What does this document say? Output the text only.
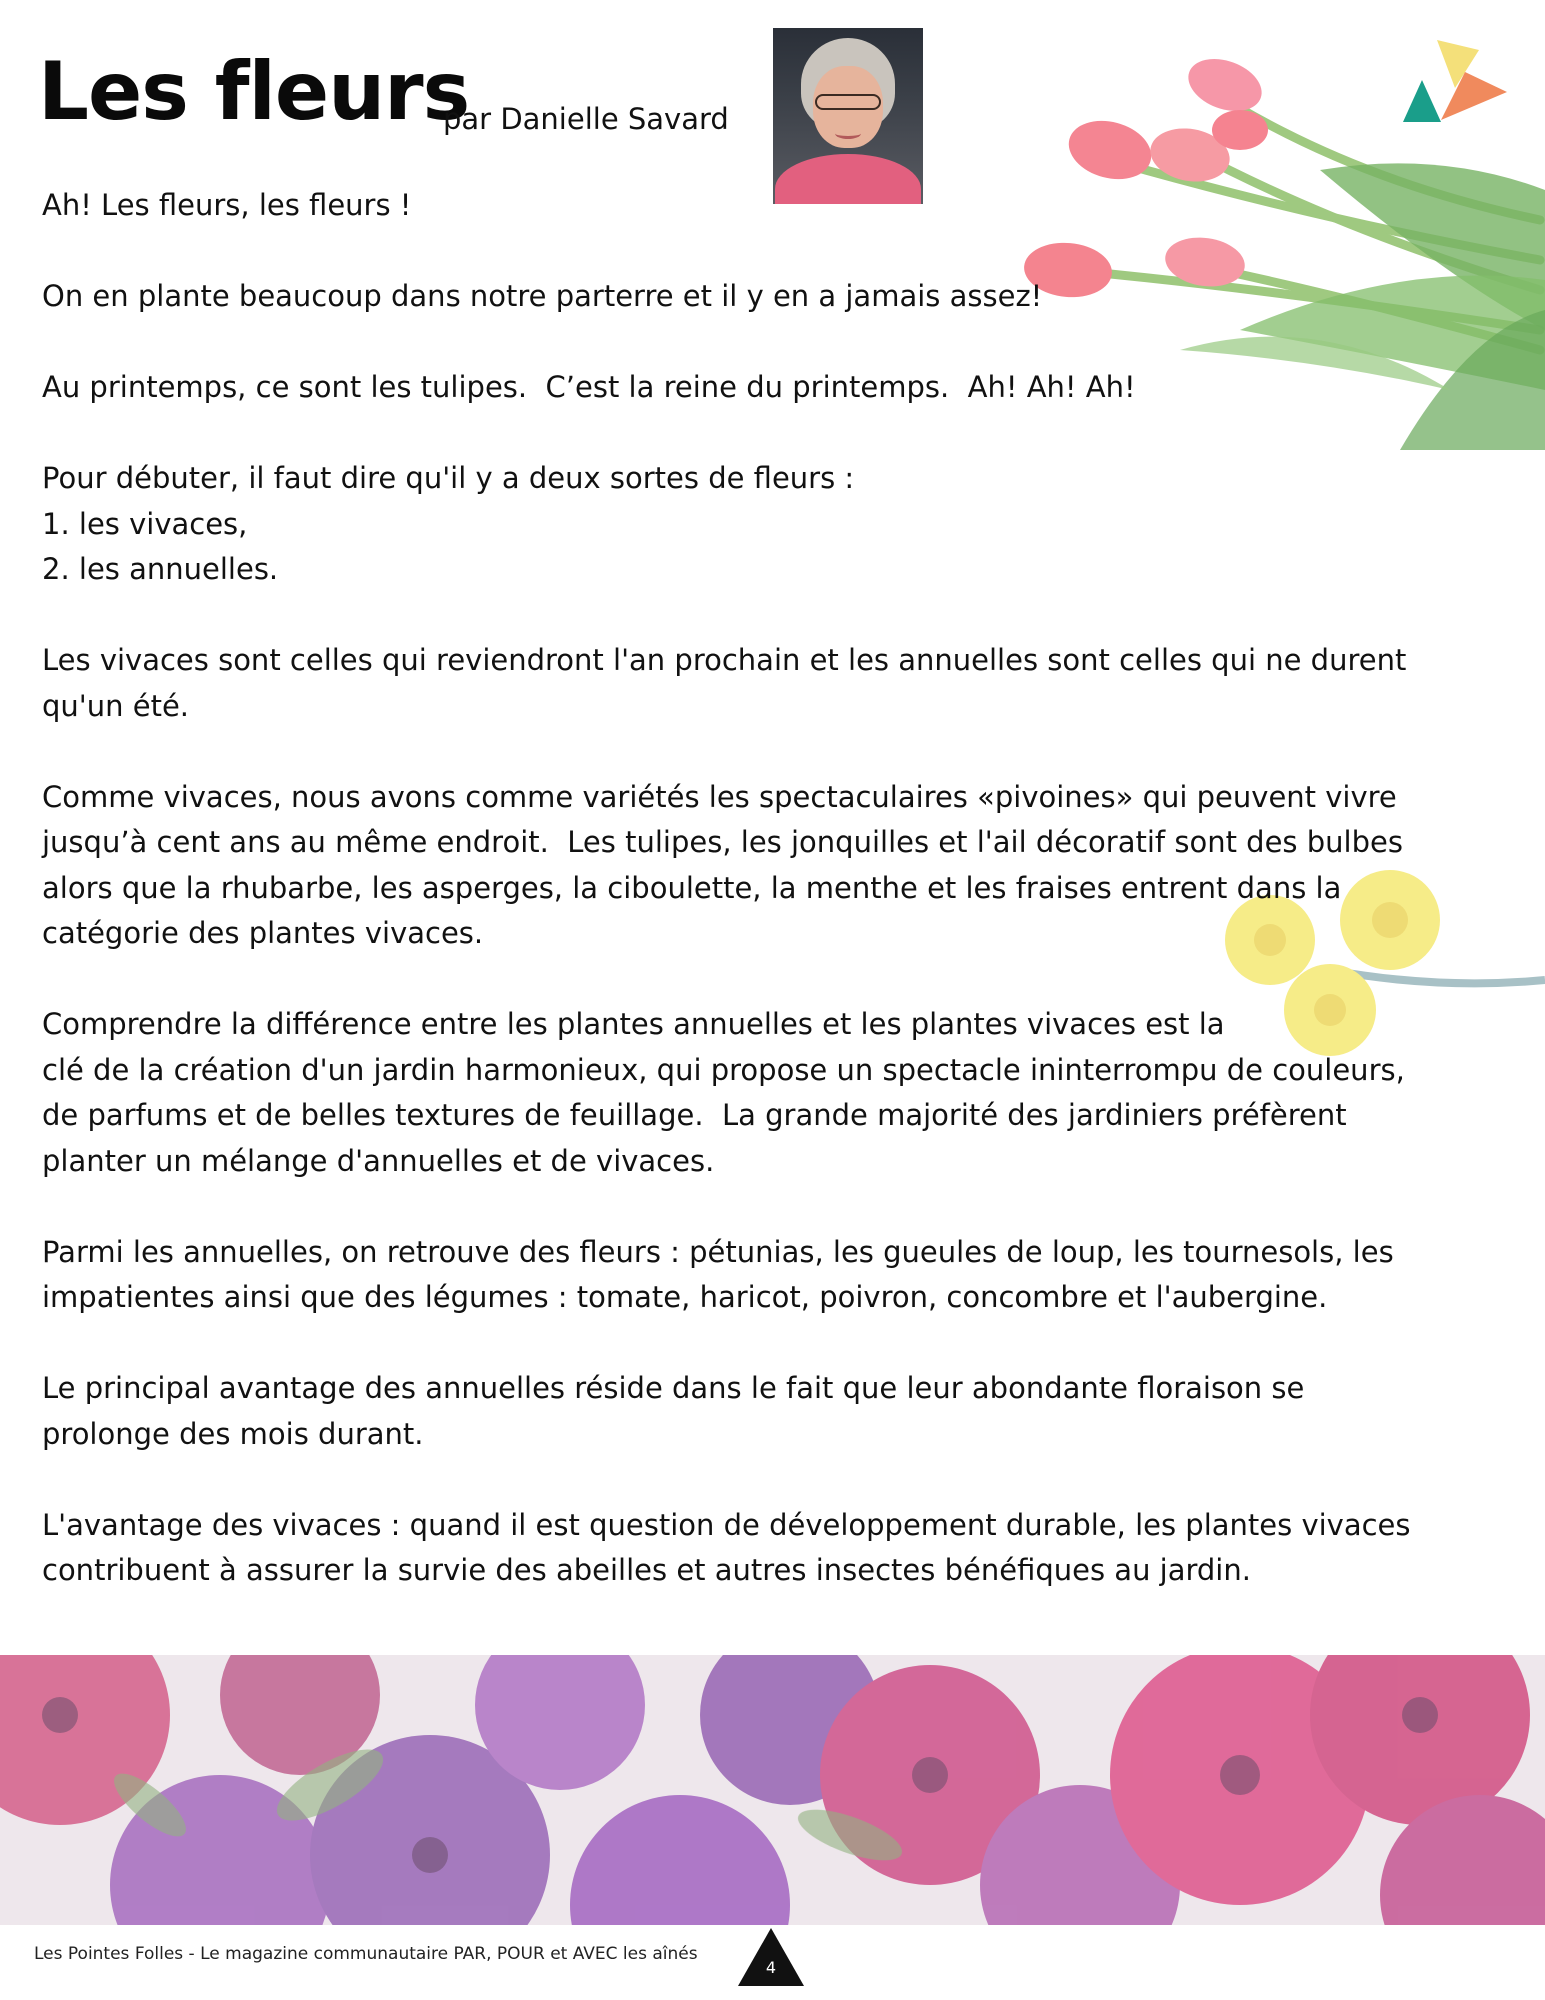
Les fleurs
par Danielle Savard
Ah! Les fleurs, les fleurs !
On en plante beaucoup dans notre parterre et il y en a jamais assez!
Au printemps, ce sont les tulipes.  C’est la reine du printemps.  Ah! Ah! Ah!
Pour débuter, il faut dire qu'il y a deux sortes de fleurs :
1. les vivaces,
2. les annuelles.
Les vivaces sont celles qui reviendront l'an prochain et les annuelles sont celles qui ne durent
qu'un été.
Comme vivaces, nous avons comme variétés les spectaculaires «pivoines» qui peuvent vivre
jusqu’à cent ans au même endroit.  Les tulipes, les jonquilles et l'ail décoratif sont des bulbes
alors que la rhubarbe, les asperges, la ciboulette, la menthe et les fraises entrent dans la
catégorie des plantes vivaces.
Comprendre la différence entre les plantes annuelles et les plantes vivaces est la
clé de la création d'un jardin harmonieux, qui propose un spectacle ininterrompu de couleurs,
de parfums et de belles textures de feuillage.  La grande majorité des jardiniers préfèrent
planter un mélange d'annuelles et de vivaces.
Parmi les annuelles, on retrouve des fleurs : pétunias, les gueules de loup, les tournesols, les
impatientes ainsi que des légumes : tomate, haricot, poivron, concombre et l'aubergine.
Le principal avantage des annuelles réside dans le fait que leur abondante floraison se
prolonge des mois durant.
L'avantage des vivaces : quand il est question de développement durable, les plantes vivaces
contribuent à assurer la survie des abeilles et autres insectes bénéfiques au jardin.
Les Pointes Folles - Le magazine communautaire PAR, POUR et AVEC les aînés
4
